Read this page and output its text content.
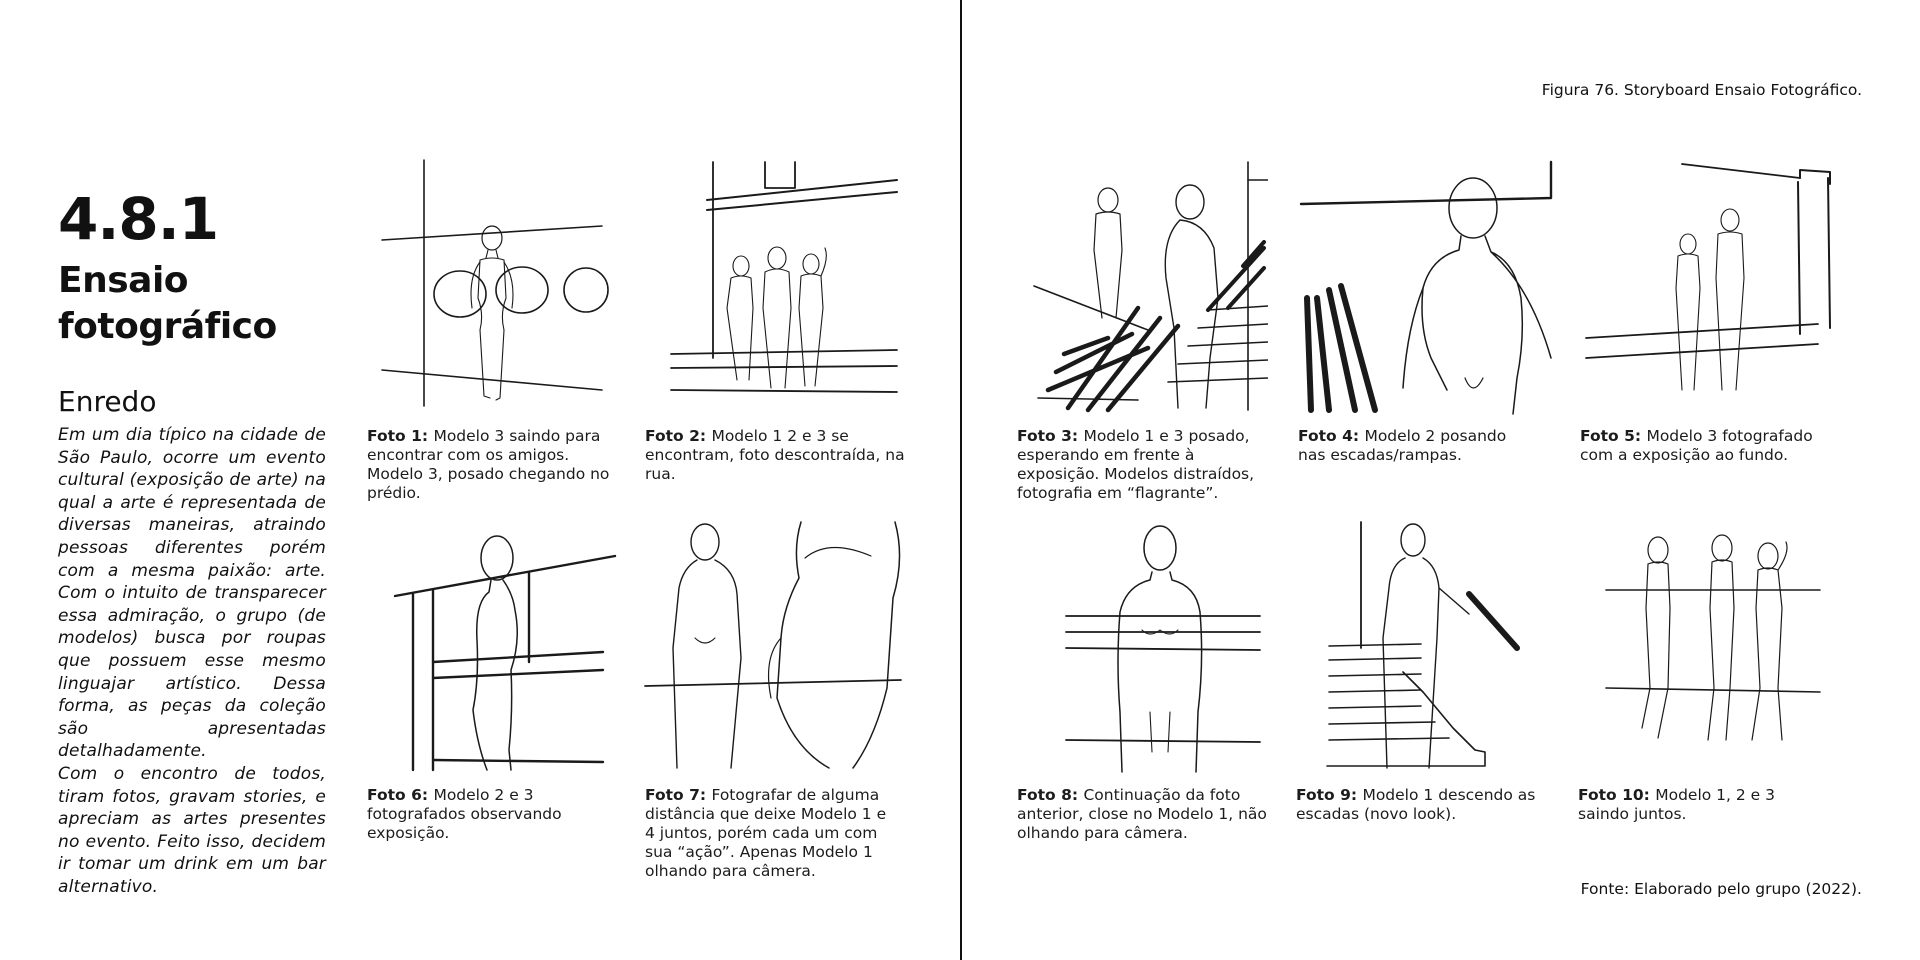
4.8.1
Ensaio fotográfico
Enredo

Em um dia típico na cidade de São Paulo, ocorre um evento cultural (exposição de arte) na qual a arte é representada de diversas maneiras, atraindo pessoas diferentes porém com a mesma paixão: arte. Com o intuito de transparecer essa admiração, o grupo (de modelos) busca por roupas que possuem esse mesmo linguajar artístico. Dessa forma, as peças da coleção são apresentadas detalhadamente.

Com o encontro de todos, tiram fotos, gravam stories, e apreciam as artes presentes no evento. Feito isso, decidem ir tomar um drink em um bar alternativo.

Foto 1: Modelo 3 saindo para encontrar com os amigos. Modelo 3, posado chegando no prédio.

Foto 2: Modelo 1 2 e 3 se encontram, foto descontraída, na rua.

Foto 3: Modelo 1 e 3 posado, esperando em frente à exposição. Modelos distraídos, fotografia em “flagrante”.

Foto 4: Modelo 2 posando nas escadas/rampas.

Foto 5: Modelo 3 fotografado com a exposição ao fundo.

Foto 6: Modelo 2 e 3 fotografados observando exposição.

Foto 7: Fotografar de alguma distância que deixe Modelo 1 e 4 juntos, porém cada um com sua “ação”. Apenas Modelo 1 olhando para câmera.

Foto 8: Continuação da foto anterior, close no Modelo 1, não olhando para câmera.

Foto 9: Modelo 1 descendo as escadas (novo look).

Foto 10: Modelo 1, 2 e 3 saindo juntos.

Figura 76. Storyboard Ensaio Fotográfico.
Fonte: Elaborado pelo grupo (2022).
